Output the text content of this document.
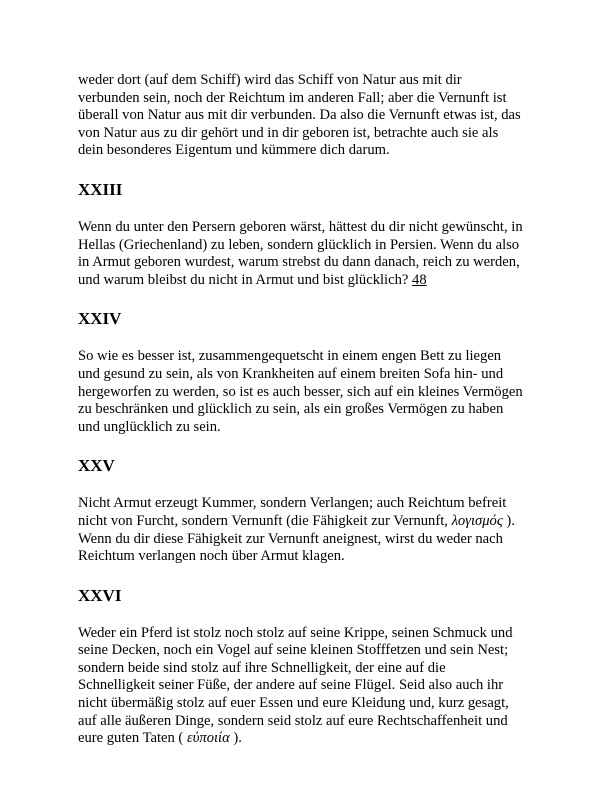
weder dort (auf dem Schiff) wird das Schiff von Natur aus mit dir
verbunden sein, noch der Reichtum im anderen Fall; aber die Vernunft ist
überall von Natur aus mit dir verbunden. Da also die Vernunft etwas ist, das
von Natur aus zu dir gehört und in dir geboren ist, betrachte auch sie als
dein besonderes Eigentum und kümmere dich darum.

XXIII

Wenn du unter den Persern geboren wärst, hättest du dir nicht gewünscht, in
Hellas (Griechenland) zu leben, sondern glücklich in Persien. Wenn du also
in Armut geboren wurdest, warum strebst du dann danach, reich zu werden,
und warum bleibst du nicht in Armut und bist glücklich? 48

XXIV

So wie es besser ist, zusammengequetscht in einem engen Bett zu liegen
und gesund zu sein, als von Krankheiten auf einem breiten Sofa hin- und
hergeworfen zu werden, so ist es auch besser, sich auf ein kleines Vermögen
zu beschränken und glücklich zu sein, als ein großes Vermögen zu haben
und unglücklich zu sein.

XXV

Nicht Armut erzeugt Kummer, sondern Verlangen; auch Reichtum befreit
nicht von Furcht, sondern Vernunft (die Fähigkeit zur Vernunft, λογισμός ).
Wenn du dir diese Fähigkeit zur Vernunft aneignest, wirst du weder nach
Reichtum verlangen noch über Armut klagen.

XXVI

Weder ein Pferd ist stolz noch stolz auf seine Krippe, seinen Schmuck und
seine Decken, noch ein Vogel auf seine kleinen Stofffetzen und sein Nest;
sondern beide sind stolz auf ihre Schnelligkeit, der eine auf die
Schnelligkeit seiner Füße, der andere auf seine Flügel. Seid also auch ihr
nicht übermäßig stolz auf euer Essen und eure Kleidung und, kurz gesagt,
auf alle äußeren Dinge, sondern seid stolz auf eure Rechtschaffenheit und
eure guten Taten ( εὐποιία ).
